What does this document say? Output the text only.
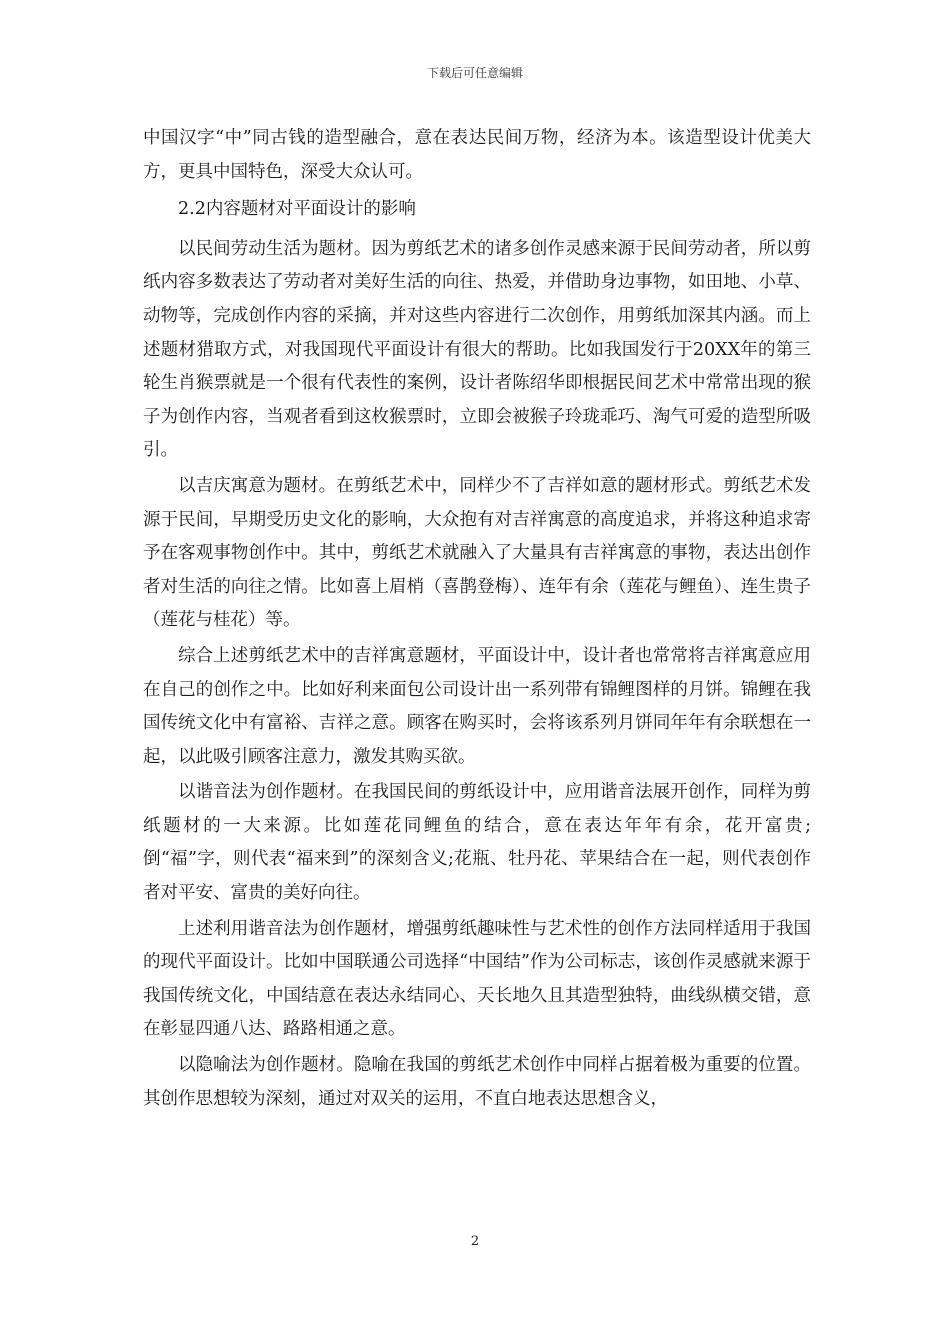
下载后可任意编辑

中国汉字“中”同古钱的造型融合，意在表达民间万物，经济为本。该造型设计优美大方，更具中国特色，深受大众认可。

2.2内容题材对平面设计的影响

以民间劳动生活为题材。因为剪纸艺术的诸多创作灵感来源于民间劳动者，所以剪纸内容多数表达了劳动者对美好生活的向往、热爱，并借助身边事物，如田地、小草、动物等，完成创作内容的采摘，并对这些内容进行二次创作，用剪纸加深其内涵。而上述题材猎取方式，对我国现代平面设计有很大的帮助。比如我国发行于20XX年的第三轮生肖猴票就是一个很有代表性的案例，设计者陈绍华即根据民间艺术中常常出现的猴子为创作内容，当观者看到这枚猴票时，立即会被猴子玲珑乖巧、淘气可爱的造型所吸引。

以吉庆寓意为题材。在剪纸艺术中，同样少不了吉祥如意的题材形式。剪纸艺术发源于民间，早期受历史文化的影响，大众抱有对吉祥寓意的高度追求，并将这种追求寄予在客观事物创作中。其中，剪纸艺术就融入了大量具有吉祥寓意的事物，表达出创作者对生活的向往之情。比如喜上眉梢（喜鹊登梅）、连年有余（莲花与鲤鱼）、连生贵子（莲花与桂花）等。

综合上述剪纸艺术中的吉祥寓意题材，平面设计中，设计者也常常将吉祥寓意应用在自己的创作之中。比如好利来面包公司设计出一系列带有锦鲤图样的月饼。锦鲤在我国传统文化中有富裕、吉祥之意。顾客在购买时，会将该系列月饼同年年有余联想在一起，以此吸引顾客注意力，激发其购买欲。

以谐音法为创作题材。在我国民间的剪纸设计中，应用谐音法展开创作，同样为剪纸题材的一大来源。比如莲花同鲤鱼的结合，意在表达年年有余，花开富贵;倒“福”字，则代表“福来到”的深刻含义;花瓶、牡丹花、苹果结合在一起，则代表创作者对平安、富贵的美好向往。

上述利用谐音法为创作题材，增强剪纸趣味性与艺术性的创作方法同样适用于我国的现代平面设计。比如中国联通公司选择“中国结”作为公司标志，该创作灵感就来源于我国传统文化，中国结意在表达永结同心、天长地久且其造型独特，曲线纵横交错，意在彰显四通八达、路路相通之意。

以隐喻法为创作题材。隐喻在我国的剪纸艺术创作中同样占据着极为重要的位置。其创作思想较为深刻，通过对双关的运用，不直白地表达思想含义，

2
